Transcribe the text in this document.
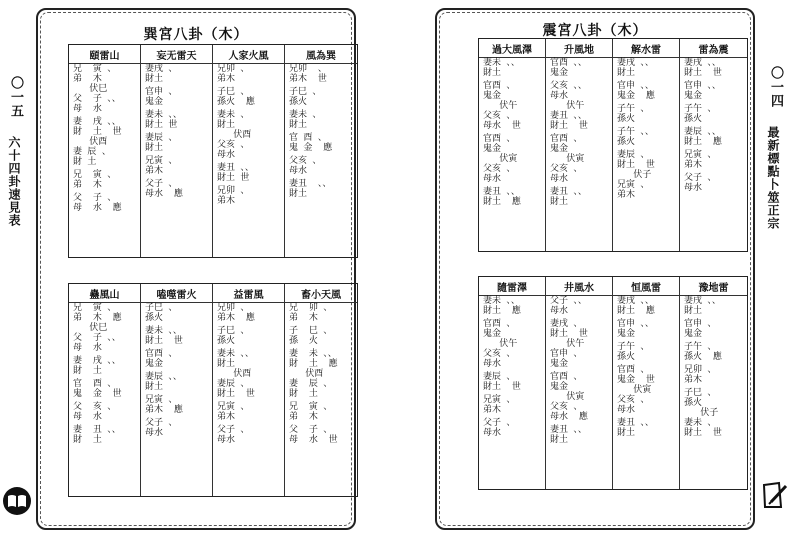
〇一五
六十四卦速見表
巽宮八卦（木）
頤雷山
兄  寅 、
弟  木
伏巳
父  子 、、
母  水
妻  戌 、、
財  土  世
伏酉
妻 辰 、
財 土
兄  寅 、
弟  木
父  子 、
母  水  應
妄无雷天
妻戌 、
財土
官申 、
鬼金
妻未 、、
財土 世
妻辰 、
財土
兄寅 、
弟木
父子 、
母水  應
人家火風
兄卯 、
弟木
子巳 、
孫火  應
妻未 、
財土
伏酉
父亥 、
母水
妻丑 、、
財土 世
兄卯 、
弟木
風為巽
兄卯  、
弟木  世
子巳 、
孫火
妻未 、
財土
官 酉 、
鬼 金  應
父亥 、
母水
妻丑  、、
財土
蠱風山
兄  寅 、
弟  木  應
伏巳
父  子 、、
母  水
妻  戌 、、
財  土
官  酉 、
鬼  金  世
父  亥 、
母  水
妻  丑 、、
財  土
嗑噬雷火
子巳 、
孫火
妻未 、、
財土  世
官酉 、
鬼金
妻辰 、、
財土
兄寅 、
弟木  應
父子 、
母水
益雷風
兄卯 、
弟木  應
子巳 、
孫火
妻未 、、
財土
伏酉
妻辰 、
財土  世
兄寅 、
弟木
父子 、
母水
畜小天風
兄  卯 、
弟  木
子  巳 、
孫  火
妻  未 、、
財  土  應
伏酉
妻  辰 、
財  土
兄  寅 、
弟  木
父  子 、
母  水  世
震宮八卦（木）
過大風澤
妻未 、、
財土
官酉 、
鬼金
伏午
父亥 、
母水  世
官酉 、
鬼金
伏寅
父亥 、
母水
妻丑 、、
財土  應
升風地
官酉 、、
鬼金
父亥 、、
母水
伏午
妻丑 、、
財土  世
官酉 、
鬼金
伏寅
父亥 、
母水
妻丑 、、
財土
解水雷
妻戌 、、
財土
官申 、、
鬼金  應
子午 、
孫火
子午 、、
孫火
妻辰 、
財土  世
伏子
兄寅 、
弟木
雷為震
妻戌 、、
財土  世
官申 、、
鬼金
子午 、
孫火
妻辰 、、
財土  應
兄寅 、
弟木
父子 、
母水
隨雷澤
妻未 、、
財土  應
官酉 、
鬼金
伏午
父亥 、
母水
妻辰 、
財土  世
兄寅 、
弟木
父子 、
母水
井風水
父子 、、
母水
妻戌 、
財土  世
伏午
官申 、
鬼金
官酉 、
鬼金
伏寅
父亥 、
母水  應
妻丑 、、
財土
恒風雷
妻戌 、、
財土  應
官申 、、
鬼金
子午 、
孫火
官酉 、
鬼金  世
伏寅
父亥 、
母水
妻丑 、、
財土
豫地雷
妻戌 、、
財土
官申 、
鬼金
子午 、
孫火  應
兄卯 、
弟木
子巳 、
孫火
伏子
妻未 、
財土  世
〇一四
最新標點卜筮正宗
